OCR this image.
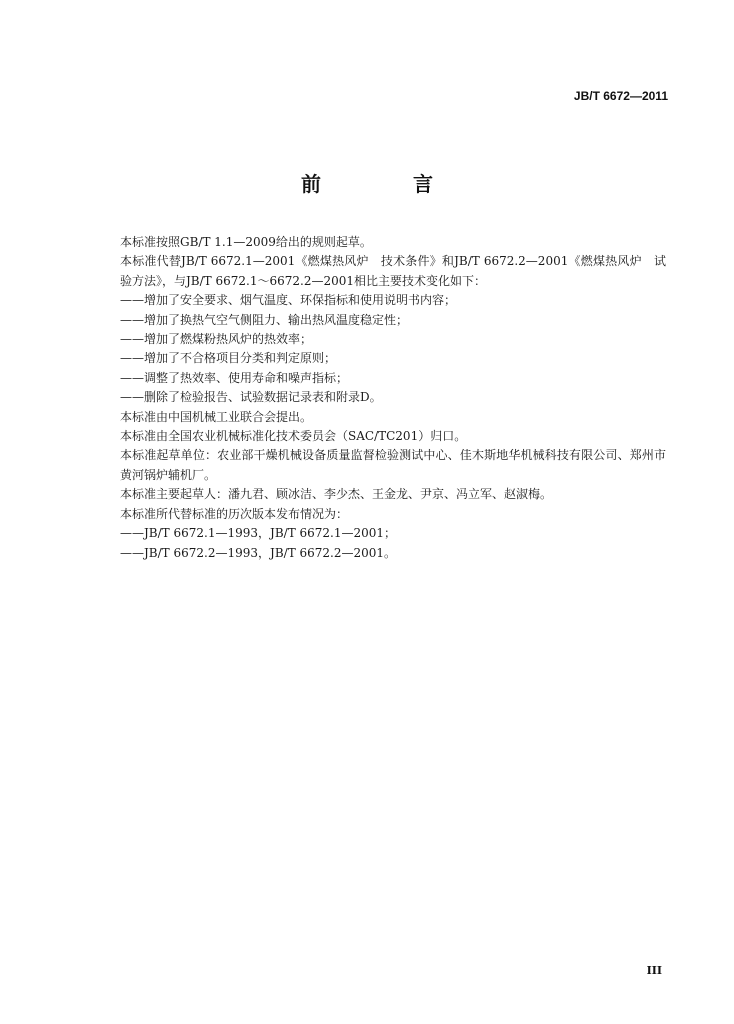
JB/T 6672—2011
前　言

本标准按照GB/T 1.1—2009给出的规则起草。

本标准代替JB/T 6672.1—2001《燃煤热风炉　技术条件》和JB/T 6672.2—2001《燃煤热风炉　试验方法》，与JB/T 6672.1～6672.2—2001相比主要技术变化如下：

——增加了安全要求、烟气温度、环保指标和使用说明书内容；

——增加了换热气空气侧阻力、输出热风温度稳定性；

——增加了燃煤粉热风炉的热效率；

——增加了不合格项目分类和判定原则；

——调整了热效率、使用寿命和噪声指标；

——删除了检验报告、试验数据记录表和附录D。

本标准由中国机械工业联合会提出。

本标准由全国农业机械标准化技术委员会（SAC/TC201）归口。

本标准起草单位：农业部干燥机械设备质量监督检验测试中心、佳木斯地华机械科技有限公司、郑州市黄河锅炉辅机厂。

本标准主要起草人：潘九君、顾冰洁、李少杰、王金龙、尹京、冯立军、赵淑梅。

本标准所代替标准的历次版本发布情况为：

——JB/T 6672.1—1993，JB/T 6672.1—2001；

——JB/T 6672.2—1993，JB/T 6672.2—2001。

III
